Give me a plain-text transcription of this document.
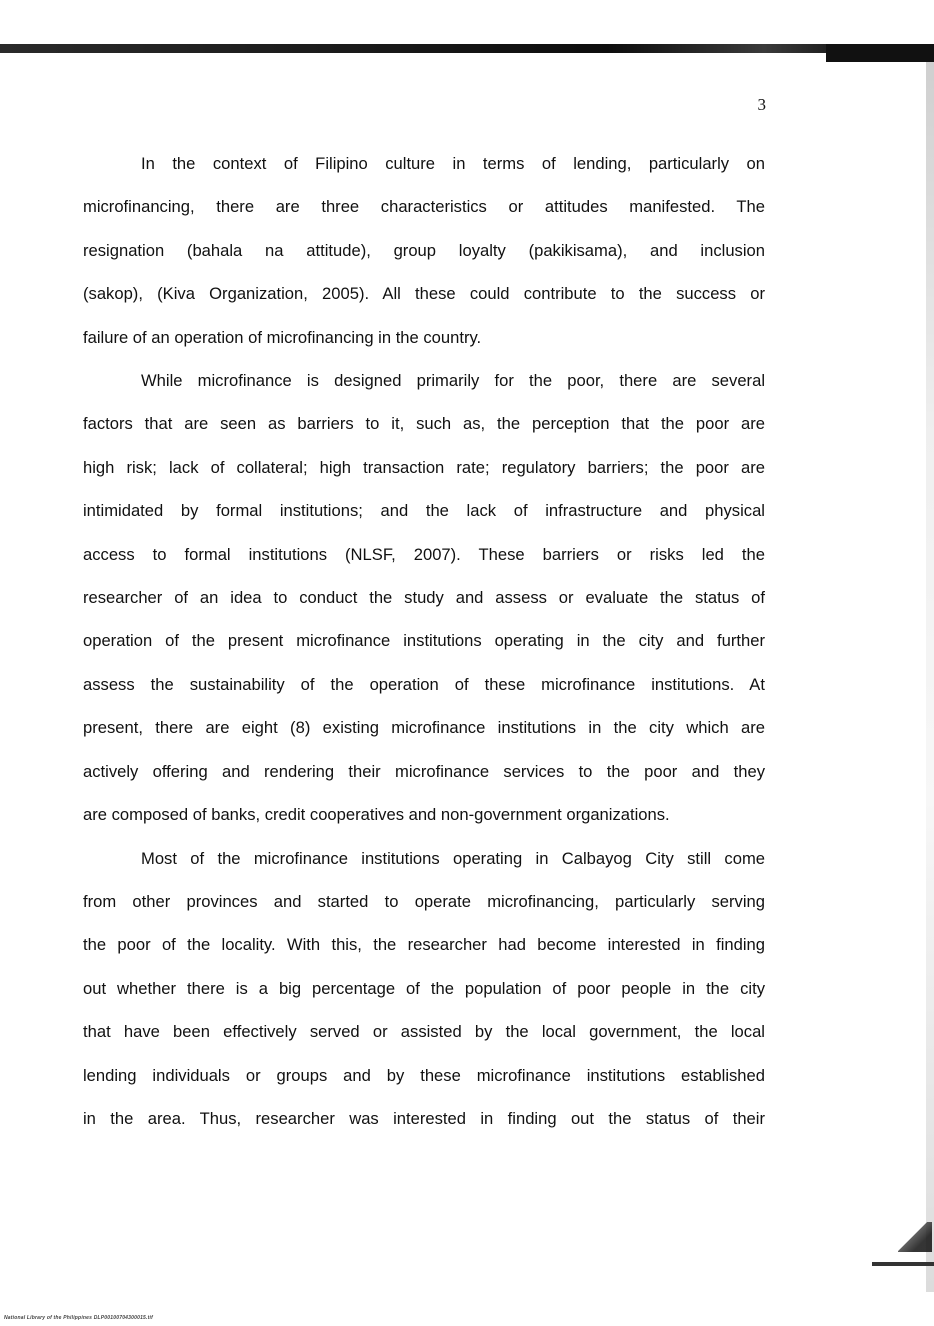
3
In the context of Filipino culture in terms of lending, particularly on
microfinancing, there are three characteristics or attitudes manifested. The
resignation (bahala na attitude), group loyalty (pakikisama), and inclusion
(sakop), (Kiva Organization, 2005). All these could contribute to the success or
failure of an operation of microfinancing in the country.
While microfinance is designed primarily for the poor, there are several
factors that are seen as barriers to it, such as, the perception that the poor are
high risk; lack of collateral; high transaction rate; regulatory barriers; the poor are
intimidated by formal institutions; and the lack of infrastructure and physical
access to formal institutions (NLSF, 2007). These barriers or risks led the
researcher of an idea to conduct the study and assess or evaluate the status of
operation of the present microfinance institutions operating in the city and further
assess the sustainability of the operation of these microfinance institutions. At
present, there are eight (8) existing microfinance institutions in the city which are
actively offering and rendering their microfinance services to the poor and they
are composed of banks, credit cooperatives and non-government organizations.
Most of the microfinance institutions operating in Calbayog City still come
from other provinces and started to operate microfinancing, particularly serving
the poor of the locality. With this, the researcher had become interested in finding
out whether there is a big percentage of the population of poor people in the city
that have been effectively served or assisted by the local government, the local
lending individuals or groups and by these microfinance institutions established
in the area. Thus, researcher was interested in finding out the status of their
National Library of the Philippines DLP00100704300015.tif
